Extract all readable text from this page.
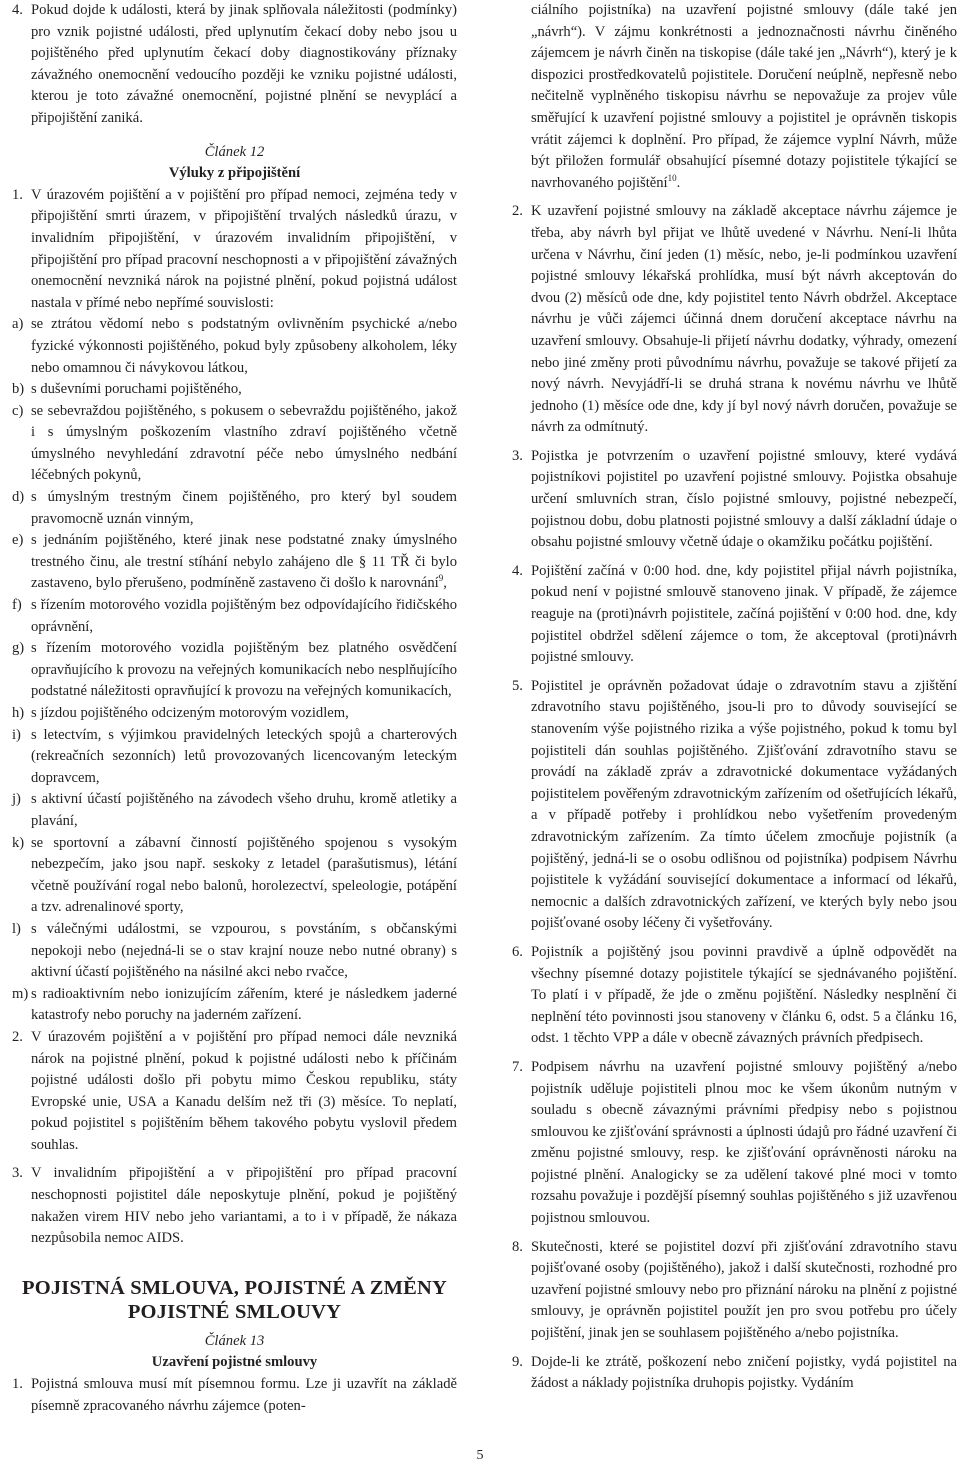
4. Pokud dojde k události, která by jinak splňovala náležitosti (podmínky) pro vznik pojistné události, před uplynutím čekací doby nebo jsou u pojištěného před uplynutím čekací doby diagnostikovány příznaky závažného onemocnění vedoucího později ke vzniku pojistné události, kterou je toto závažné onemocnění, pojistné plnění se nevyplácí a připojištění zaniká.
Článek 12
Výluky z připojištění
1. V úrazovém pojištění a v pojištění pro případ nemoci, zejména tedy v připojištění smrti úrazem, v připojištění trvalých následků úrazu, v invalidním připojištění, v úrazovém invalidním připojištění, v připojištění pro případ pracovní neschopnosti a v připojištění závažných onemocnění nevzniká nárok na pojistné plnění, pokud pojistná událost nastala v přímé nebo nepřímé souvislosti:
a) se ztrátou vědomí nebo s podstatným ovlivněním psychické a/nebo fyzické výkonnosti pojištěného, pokud byly způsobeny alkoholem, léky nebo omamnou či návykovou látkou,
b) s duševními poruchami pojištěného,
c) se sebevraždou pojištěného, s pokusem o sebevraždu pojištěného, jakož i s úmyslným poškozením vlastního zdraví pojištěného včetně úmyslného nevyhledání zdravotní péče nebo úmyslného nedbání léčebných pokynů,
d) s úmyslným trestným činem pojištěného, pro který byl soudem pravomocně uznán vinným,
e) s jednáním pojištěného, které jinak nese podstatné znaky úmyslného trestného činu, ale trestní stíhání nebylo zahájeno dle § 11 TŘ či bylo zastaveno, bylo přerušeno, podmíněně zastaveno či došlo k narovnání$^9$,
f) s řízením motorového vozidla pojištěným bez odpovídajícího řidičského oprávnění,
g) s řízením motorového vozidla pojištěným bez platného osvědčení opravňujícího k provozu na veřejných komunikacích nebo nesplňujícího podstatné náležitosti opravňující k provozu na veřejných komunikacích,
h) s jízdou pojištěného odcizeným motorovým vozidlem,
i) s letectvím, s výjimkou pravidelných leteckých spojů a charterových (rekreačních sezonních) letů provozovaných licencovaným leteckým dopravcem,
j) s aktivní účastí pojištěného na závodech všeho druhu, kromě atletiky a plavání,
k) se sportovní a zábavní činností pojištěného spojenou s vysokým nebezpečím, jako jsou např. seskoky z letadel (parašutismus), létání včetně používání rogal nebo balonů, horolezectví, speleologie, potápění a tzv. adrenalinové sporty,
l) s válečnými událostmi, se vzpourou, s povstáním, s občanskými nepokoji nebo (nejedná-li se o stav krajní nouze nebo nutné obrany) s aktivní účastí pojištěného na násilné akci nebo rvačce,
m) s radioaktivním nebo ionizujícím zářením, které je následkem jaderné katastrofy nebo poruchy na jaderném zařízení.
2. V úrazovém pojištění a v pojištění pro případ nemoci dále nevzniká nárok na pojistné plnění, pokud k pojistné události nebo k příčinám pojistné události došlo při pobytu mimo Českou republiku, státy Evropské unie, USA a Kanadu delším než tři (3) měsíce. To neplatí, pokud pojistitel s pojištěním během takového pobytu vyslovil předem souhlas.
3. V invalidním připojištění a v připojištění pro případ pracovní neschopnosti pojistitel dále neposkytuje plnění, pokud je pojištěný nakažen virem HIV nebo jeho variantami, a to i v případě, že nákaza nezpůsobila nemoc AIDS.
POJISTNÁ SMLOUVA, POJISTNÉ A ZMĚNY POJISTNÉ SMLOUVY
Článek 13
Uzavření pojistné smlouvy
1. Pojistná smlouva musí mít písemnou formu. Lze ji uzavřít na základě písemně zpracovaného návrhu zájemce (poten-
ciálního pojistníka) na uzavření pojistné smlouvy (dále také jen „návrh“). V zájmu konkrétnosti a jednoznačnosti návrhu činěného zájemcem je návrh činěn na tiskopise (dále také jen „Návrh“), který je k dispozici prostředkovatelů pojistitele. Doručení neúplně, nepřesně nebo nečitelně vyplněného tiskopisu návrhu se nepovažuje za projev vůle směřující k uzavření pojistné smlouvy a pojistitel je oprávněn tiskopis vrátit zájemci k doplnění. Pro případ, že zájemce vyplní Návrh, může být přiložen formulář obsahující písemné dotazy pojistitele týkající se navrhovaného pojištění$^{10}$.
2. K uzavření pojistné smlouvy na základě akceptace návrhu zájemce je třeba, aby návrh byl přijat ve lhůtě uvedené v Návrhu. Není-li lhůta určena v Návrhu, činí jeden (1) měsíc, nebo, je-li podmínkou uzavření pojistné smlouvy lékařská prohlídka, musí být návrh akceptován do dvou (2) měsíců ode dne, kdy pojistitel tento Návrh obdržel. Akceptace návrhu je vůči zájemci účinná dnem doručení akceptace návrhu na uzavření smlouvy. Obsahuje-li přijetí návrhu dodatky, výhrady, omezení nebo jiné změny proti původnímu návrhu, považuje se takové přijetí za nový návrh. Nevyjádří-li se druhá strana k novému návrhu ve lhůtě jednoho (1) měsíce ode dne, kdy jí byl nový návrh doručen, považuje se návrh za odmítnutý.
3. Pojistka je potvrzením o uzavření pojistné smlouvy, které vydává pojistníkovi pojistitel po uzavření pojistné smlouvy. Pojistka obsahuje určení smluvních stran, číslo pojistné smlouvy, pojistné nebezpečí, pojistnou dobu, dobu platnosti pojistné smlouvy a další základní údaje o obsahu pojistné smlouvy včetně údaje o okamžiku počátku pojištění.
4. Pojištění začíná v 0:00 hod. dne, kdy pojistitel přijal návrh pojistníka, pokud není v pojistné smlouvě stanoveno jinak. V případě, že zájemce reaguje na (proti)návrh pojistitele, začíná pojištění v 0:00 hod. dne, kdy pojistitel obdržel sdělení zájemce o tom, že akceptoval (proti)návrh pojistné smlouvy.
5. Pojistitel je oprávněn požadovat údaje o zdravotním stavu a zjištění zdravotního stavu pojištěného, jsou-li pro to důvody související se stanovením výše pojistného rizika a výše pojistného, pokud k tomu byl pojistiteli dán souhlas pojištěného. Zjišťování zdravotního stavu se provádí na základě zpráv a zdravotnické dokumentace vyžádaných pojistitelem pověřeným zdravotnickým zařízením od ošetřujících lékařů, a v případě potřeby i prohlídkou nebo vyšetřením provedeným zdravotnickým zařízením. Za tímto účelem zmocňuje pojistník (a pojištěný, jedná-li se o osobu odlišnou od pojistníka) podpisem Návrhu pojistitele k vyžádání související dokumentace a informací od lékařů, nemocnic a dalších zdravotnických zařízení, ve kterých byly nebo jsou pojišťované osoby léčeny či vyšetřovány.
6. Pojistník a pojištěný jsou povinni pravdivě a úplně odpovědět na všechny písemné dotazy pojistitele týkající se sjednávaného pojištění. To platí i v případě, že jde o změnu pojištění. Následky nesplnění či neplnění této povinnosti jsou stanoveny v článku 6, odst. 5 a článku 16, odst. 1 těchto VPP a dále v obecně závazných právních předpisech.
7. Podpisem návrhu na uzavření pojistné smlouvy pojištěný a/nebo pojistník uděluje pojistiteli plnou moc ke všem úkonům nutným v souladu s obecně závaznými právními předpisy nebo s pojistnou smlouvou ke zjišťování správnosti a úplnosti údajů pro řádné uzavření či změnu pojistné smlouvy, resp. ke zjišťování oprávněnosti nároku na pojistné plnění. Analogicky se za udělení takové plné moci v tomto rozsahu považuje i pozdější písemný souhlas pojištěného s již uzavřenou pojistnou smlouvou.
8. Skutečnosti, které se pojistitel dozví při zjišťování zdravotního stavu pojišťované osoby (pojištěného), jakož i další skutečnosti, rozhodné pro uzavření pojistné smlouvy nebo pro přiznání nároku na plnění z pojistné smlouvy, je oprávněn pojistitel použít jen pro svou potřebu pro účely pojištění, jinak jen se souhlasem pojištěného a/nebo pojistníka.
9. Dojde-li ke ztrátě, poškození nebo zničení pojistky, vydá pojistitel na žádost a náklady pojistníka druhopis pojistky. Vydáním
5
